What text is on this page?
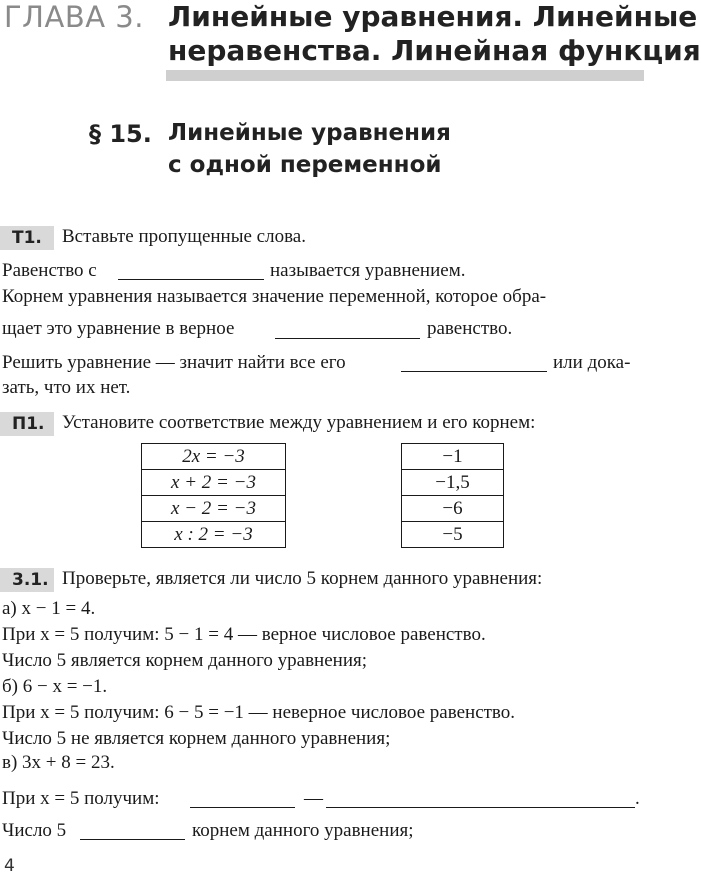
ГЛАВА 3. Линейные уравнения. Линейные
неравенства. Линейная функция
§ 15. Линейные уравнения
с одной переменной
Т1.	Вставьте пропущенные слова.
Равенство с	называется уравнением.
Корнем уравнения называется значение переменной, которое обра-
щает это уравнение в верное	равенство.
Решить уравнение — значит найти все его	или дока-
зать, что их нет.
П1. Установите соответствие между уравнением и его корнем:
2x = −3
x + 2 = −3
x − 2 = −3
x : 2 = −3
−1
−1,5
−6
−5
3.1. Проверьте, является ли число 5 корнем данного уравнения:
а) x − 1 = 4.
При x = 5 получим: 5 − 1 = 4 — верное числовое равенство.
Число 5 является корнем данного уравнения;
б) 6 − x = −1.
При x = 5 получим: 6 − 5 = −1 — неверное числовое равенство.
Число 5 не является корнем данного уравнения;
в) 3x + 8 = 23.
При x = 5 получим:	—	.
Число 5	корнем данного уравнения;
4
